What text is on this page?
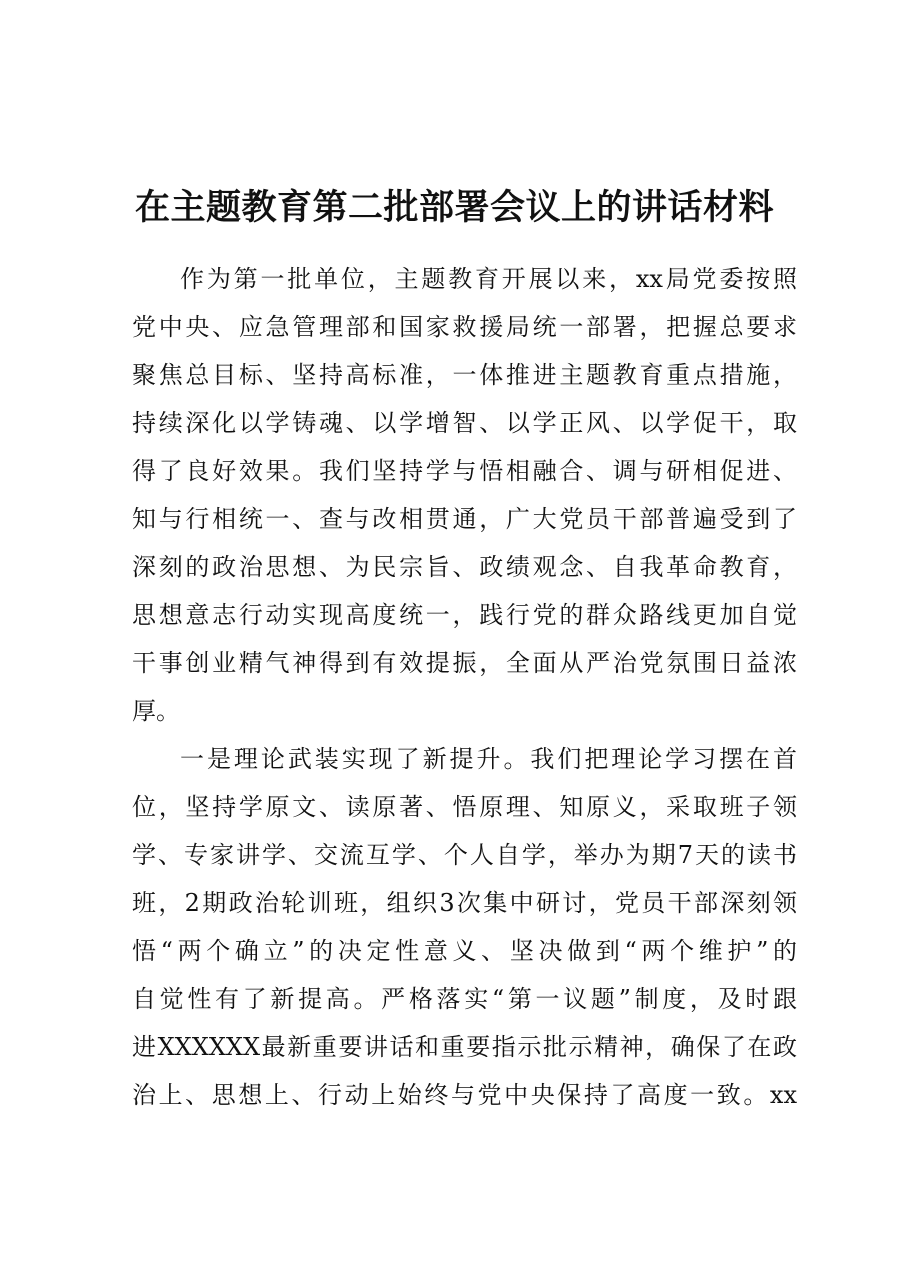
在主题教育第二批部署会议上的讲话材料
作为第一批单位，主题教育开展以来，xx局党委按照
党中央、应急管理部和国家救援局统一部署，把握总要求
聚焦总目标、坚持高标准，一体推进主题教育重点措施，
持续深化以学铸魂、以学增智、以学正风、以学促干，取
得了良好效果。我们坚持学与悟相融合、调与研相促进、
知与行相统一、查与改相贯通，广大党员干部普遍受到了
深刻的政治思想、为民宗旨、政绩观念、自我革命教育，
思想意志行动实现高度统一，践行党的群众路线更加自觉
干事创业精气神得到有效提振，全面从严治党氛围日益浓
厚。
一是理论武装实现了新提升。我们把理论学习摆在首
位，坚持学原文、读原著、悟原理、知原义，采取班子领
学、专家讲学、交流互学、个人自学，举办为期7天的读书
班，2期政治轮训班，组织3次集中研讨，党员干部深刻领
悟“两个确立”的决定性意义、坚决做到“两个维护”的
自觉性有了新提高。严格落实“第一议题”制度，及时跟
进XXXXXX最新重要讲话和重要指示批示精神，确保了在政
治上、思想上、行动上始终与党中央保持了高度一致。xx
